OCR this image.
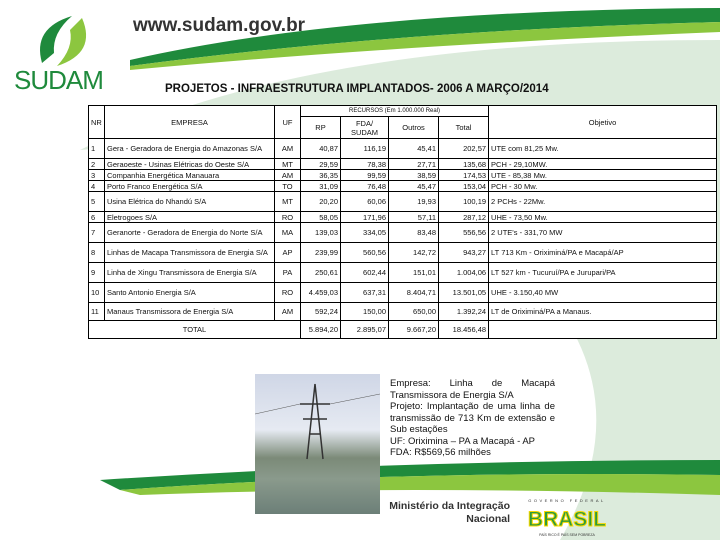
SUDAM
www.sudam.gov.br
PROJETOS - INFRAESTRUTURA IMPLANTADOS- 2006 A MARÇO/2014
NR	EMPRESA	UF	RECURSOS (Em 1.000.000 Real)				Objetivo
			RP	FDA/ SUDAM	Outros	Total	
1	Gera - Geradora de Energia do Amazonas S/A	AM	40,87	116,19	45,41	202,57	UTE com 81,25 Mw.
2	Geraoeste - Usinas Elétricas do Oeste S/A	MT	29,59	78,38	27,71	135,68	PCH - 29,10MW.
3	Companhia Energética Manauara	AM	36,35	99,59	38,59	174,53	UTE - 85,38 Mw.
4	Porto Franco Energética S/A	TO	31,09	76,48	45,47	153,04	PCH - 30 Mw.
5	Usina Elétrica do Nhandú S/A	MT	20,20	60,06	19,93	100,19	2 PCHs - 22Mw.
6	Eletrogoes S/A	RO	58,05	171,96	57,11	287,12	UHE - 73,50 Mw.
7	Geranorte - Geradora de Energia do Norte S/A	MA	139,03	334,05	83,48	556,56	2 UTE's - 331,70 MW
8	Linhas de Macapa Transmissora de Energia S/A	AP	239,99	560,56	142,72	943,27	LT 713 Km - Oriximiná/PA e Macapá/AP
9	Linha de Xingu Transmissora de Energia S/A	PA	250,61	602,44	151,01	1.004,06	LT 527 km - Tucuruí/PA e Jurupari/PA
10	Santo Antonio Energia S/A	RO	4.459,03	637,31	8.404,71	13.501,05	UHE - 3.150,40 MW
11	Manaus Transmissora de Energia S/A	AM	592,24	150,00	650,00	1.392,24	LT de Oriximiná/PA a Manaus.
TOTAL			5.894,20	2.895,07	9.667,20	18.456,48	
Empresa: Linha de Macapá Transmissora de Energia S/A
Projeto: Implantação de uma linha de transmissão de 713 Km de extensão e Sub estações
UF: Oriximina – PA a Macapá - AP
FDA: R$569,56 milhões
Ministério da Integração Nacional
GOVERNO FEDERAL
BRASIL
PAÍS RICO É PAÍS SEM POBREZA
